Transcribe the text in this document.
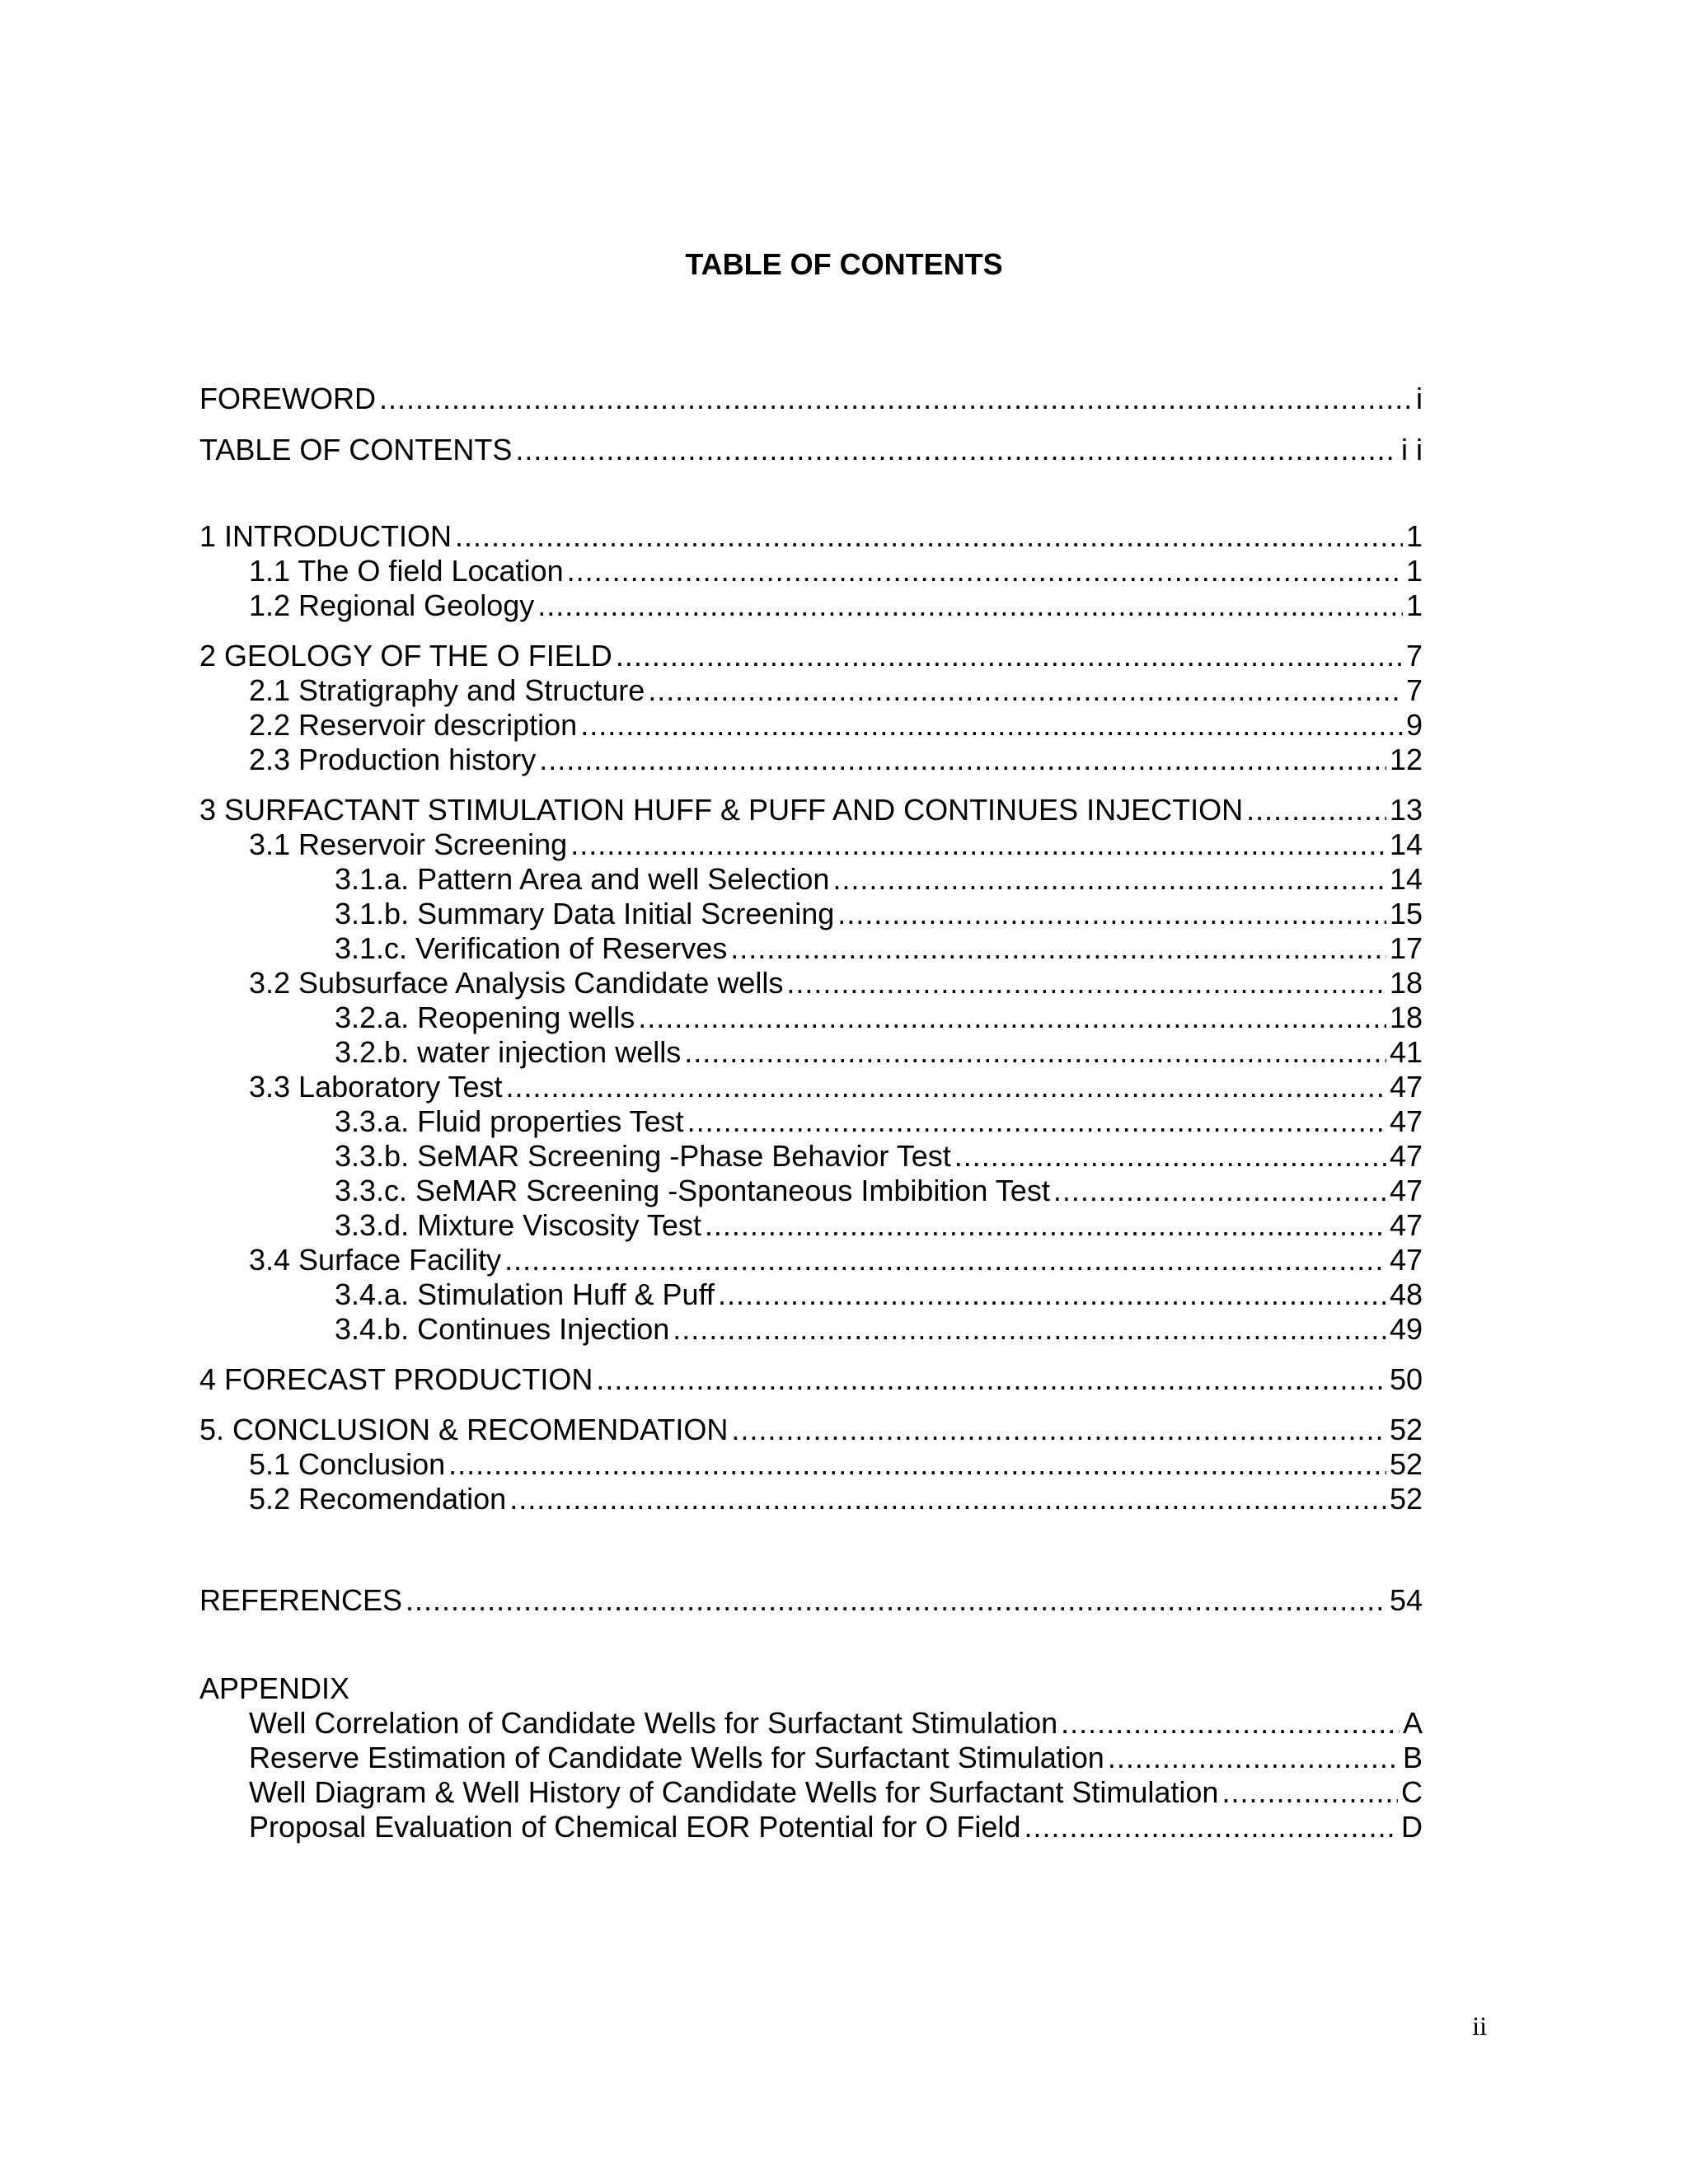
TABLE OF CONTENTS
FOREWORD .....	i
TABLE OF CONTENTS .....	i i
1 INTRODUCTION .....	1
1.1 The O field Location .....	1
1.2 Regional Geology .....	1
2 GEOLOGY OF THE O FIELD .....	7
2.1 Stratigraphy and Structure .....	7
2.2 Reservoir description .....	9
2.3 Production history .....	12
3 SURFACTANT STIMULATION HUFF & PUFF AND CONTINUES INJECTION .....	13
3.1 Reservoir Screening .....	14
3.1.a. Pattern Area and well Selection .....	14
3.1.b. Summary Data Initial Screening .....	15
3.1.c. Verification of Reserves .....	17
3.2 Subsurface Analysis Candidate wells .....	18
3.2.a. Reopening wells .....	18
3.2.b. water injection wells .....	41
3.3 Laboratory Test .....	47
3.3.a. Fluid properties Test .....	47
3.3.b. SeMAR Screening -Phase Behavior Test .....	47
3.3.c. SeMAR Screening -Spontaneous Imbibition Test .....	47
3.3.d. Mixture Viscosity Test .....	47
3.4 Surface Facility .....	47
3.4.a. Stimulation Huff & Puff .....	48
3.4.b. Continues Injection .....	49
4 FORECAST PRODUCTION .....	50
5. CONCLUSION & RECOMENDATION .....	52
5.1 Conclusion .....	52
5.2 Recomendation .....	52
REFERENCES .....	54
APPENDIX
Well Correlation of Candidate Wells for Surfactant Stimulation .....	A
Reserve Estimation of Candidate Wells for Surfactant Stimulation .....	B
Well Diagram & Well History of Candidate Wells for Surfactant Stimulation .....	C
Proposal Evaluation of Chemical EOR Potential for O Field .....	D
ii
